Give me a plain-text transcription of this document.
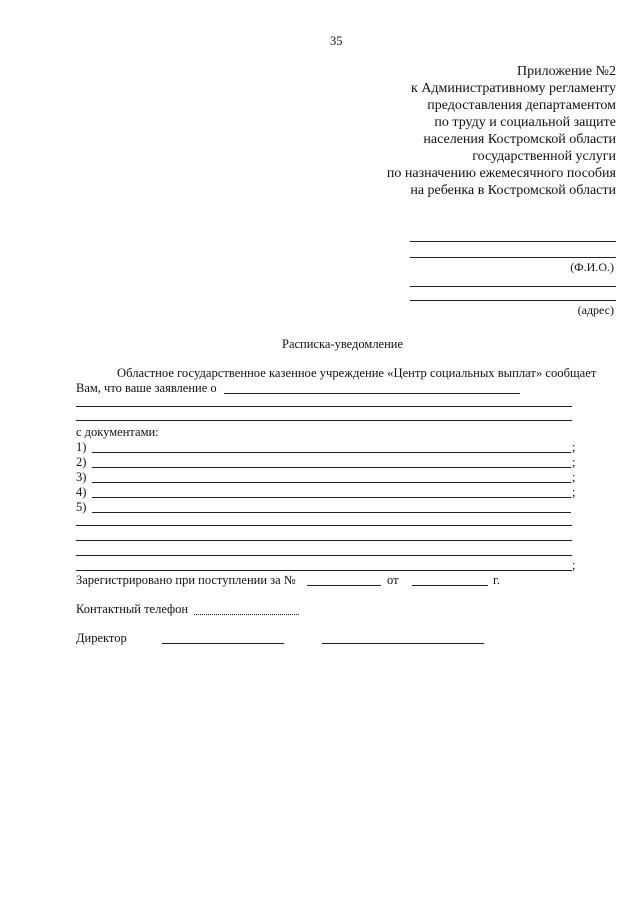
35
Приложение №2
к Административному регламенту
предоставления департаментом
по труду и социальной защите
населения Костромской области
государственной услуги
по назначению ежемесячного пособия
на ребенка в Костромской области
(Ф.И.О.)
(адрес)
Расписка-уведомление
Областное государственное казенное учреждение «Центр социальных выплат» сообщает
Вам, что ваше заявление о
с документами:
1)	;
2)	;
3)	;
4)	;
5)
;
Зарегистрировано при поступлении за №	от	г.
Контактный телефон
Директор
